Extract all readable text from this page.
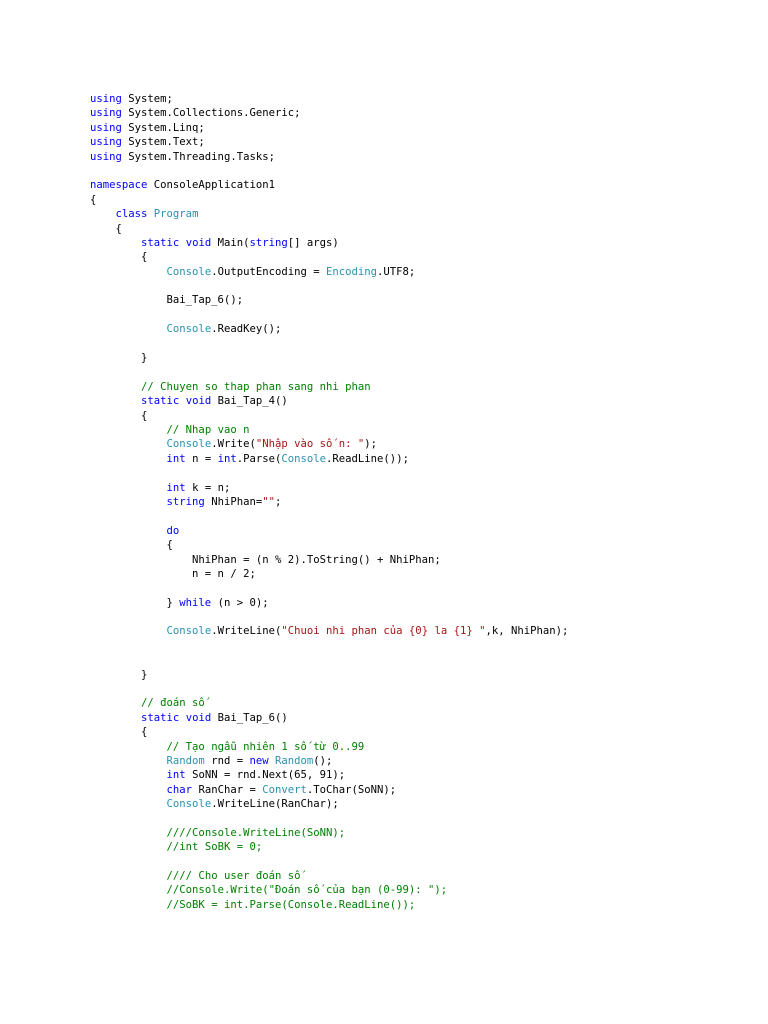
using System;
using System.Collections.Generic;
using System.Linq;
using System.Text;
using System.Threading.Tasks;
namespace ConsoleApplication1
{
class Program
{
static void Main(string[] args)
{
Console.OutputEncoding = Encoding.UTF8;
Bai_Tap_6();
Console.ReadKey();
}
// Chuyen so thap phan sang nhi phan
static void Bai_Tap_4()
{
// Nhap vao n
Console.Write("Nhập vào số n: ");
int n = int.Parse(Console.ReadLine());
int k = n;
string NhiPhan="";
do
{
NhiPhan = (n % 2).ToString() + NhiPhan;
n = n / 2;
} while (n > 0);
Console.WriteLine("Chuoi nhi phan của {0} la {1} ",k, NhiPhan);
}
// đoán số
static void Bai_Tap_6()
{
// Tạo ngẫu nhiên 1 số từ 0..99
Random rnd = new Random();
int SoNN = rnd.Next(65, 91);
char RanChar = Convert.ToChar(SoNN);
Console.WriteLine(RanChar);
////Console.WriteLine(SoNN);
//int SoBK = 0;
//// Cho user đoán số
//Console.Write("Đoán số của bạn (0-99): ");
//SoBK = int.Parse(Console.ReadLine());
